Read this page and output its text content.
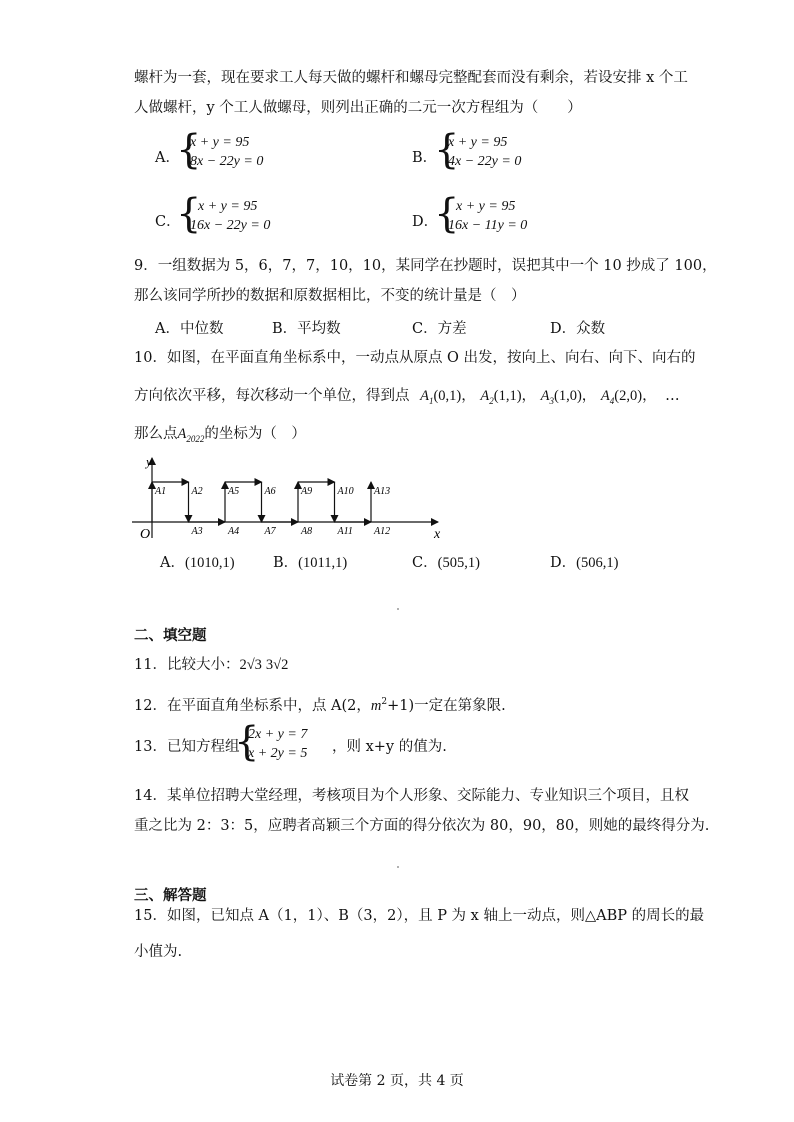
螺杆为一套，现在要求工人每天做的螺杆和螺母完整配套而没有剩余，若设安排 x 个工
人做螺杆，y 个工人做螺母，则列出正确的二元一次方程组为（　　）
A．
{
x + y = 95
8x − 22y = 0	B．
{
x + y = 95
4x − 22y = 0
C．
{
x + y = 95
16x − 22y = 0	D．
{
x + y = 95
16x − 11y = 0
9．一组数据为 5，6，7，7，10，10，某同学在抄题时，误把其中一个 10 抄成了 100，
那么该同学所抄的数据和原数据相比，不变的统计量是（　）
A．中位数	B．平均数	C．方差	D．众数
10．如图，在平面直角坐标系中，一动点从原点 O 出发，按向上、向右、向下、向右的
方向依次平移，每次移动一个单位，得到点 $A_1(0,1)$， $A_2(1,1)$， $A_3(1,0)$， $A_4(2,0)$， …
那么点$A_{2022}$的坐标为（　）
y
x
O
A1	A2
A3	A4
A5	A6
A7	A8
A9	A10
A11 A12
A13
A．(1010,1)	B．(1011,1)	C．(505,1)	D．(506,1)
二、填空题
11．比较大小：2√3 3√2
12．在平面直角坐标系中，点 A(2，$m^2+1$)一定在第象限.
13．已知方程组
{
2x + y = 7
x + 2y = 5 ，则 x+y 的值为.
14．某单位招聘大堂经理，考核项目为个人形象、交际能力、专业知识三个项目，且权
重之比为 2：3：5，应聘者高颖三个方面的得分依次为 80，90，80，则她的最终得分为.
三、解答题
15．如图，已知点 A（1，1）、B（3，2），且 P 为 x 轴上一动点，则△ABP 的周长的最
小值为.
试卷第 2 页，共 4 页
